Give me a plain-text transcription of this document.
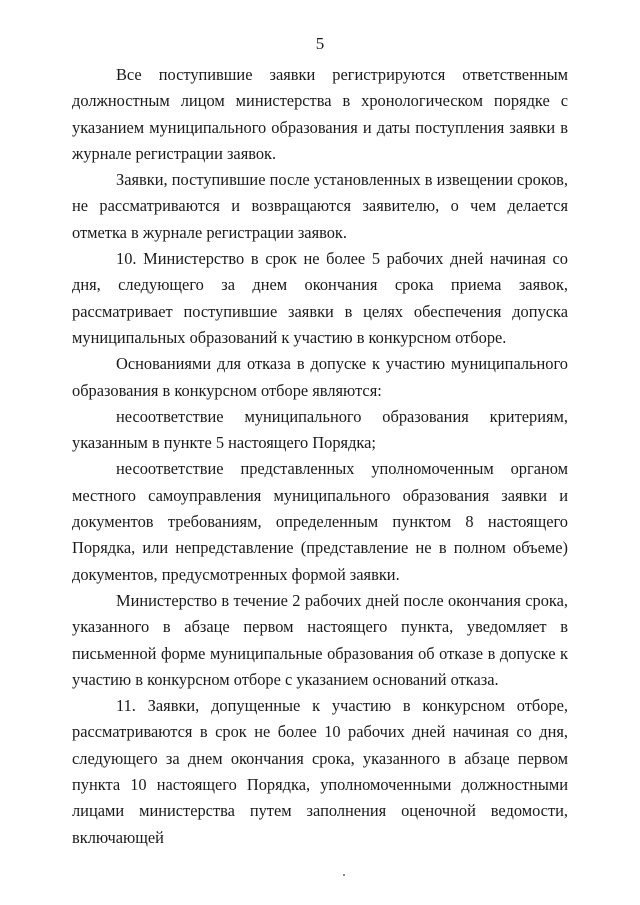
5

Все поступившие заявки регистрируются ответственным должностным лицом министерства в хронологическом порядке с указанием муниципального образования и даты поступления заявки в журнале регистрации заявок.

Заявки, поступившие после установленных в извещении сроков, не рассматриваются и возвращаются заявителю, о чем делается отметка в журнале регистрации заявок.

10. Министерство в срок не более 5 рабочих дней начиная со дня, следующего за днем окончания срока приема заявок, рассматривает поступившие заявки в целях обеспечения допуска муниципальных образований к участию в конкурсном отборе.

Основаниями для отказа в допуске к участию муниципального образования в конкурсном отборе являются:

несоответствие муниципального образования критериям, указанным в пункте 5 настоящего Порядка;

несоответствие представленных уполномоченным органом местного самоуправления муниципального образования заявки и документов требованиям, определенным пунктом 8 настоящего Порядка, или непредставление (представление не в полном объеме) документов, предусмотренных формой заявки.

Министерство в течение 2 рабочих дней после окончания срока, указанного в абзаце первом настоящего пункта, уведомляет в письменной форме муниципальные образования об отказе в допуске к участию в конкурсном отборе с указанием оснований отказа.

11. Заявки, допущенные к участию в конкурсном отборе, рассматриваются в срок не более 10 рабочих дней начиная со дня, следующего за днем окончания срока, указанного в абзаце первом пункта 10 настоящего Порядка, уполномоченными должностными лицами министерства путем заполнения оценочной ведомости, включающей
